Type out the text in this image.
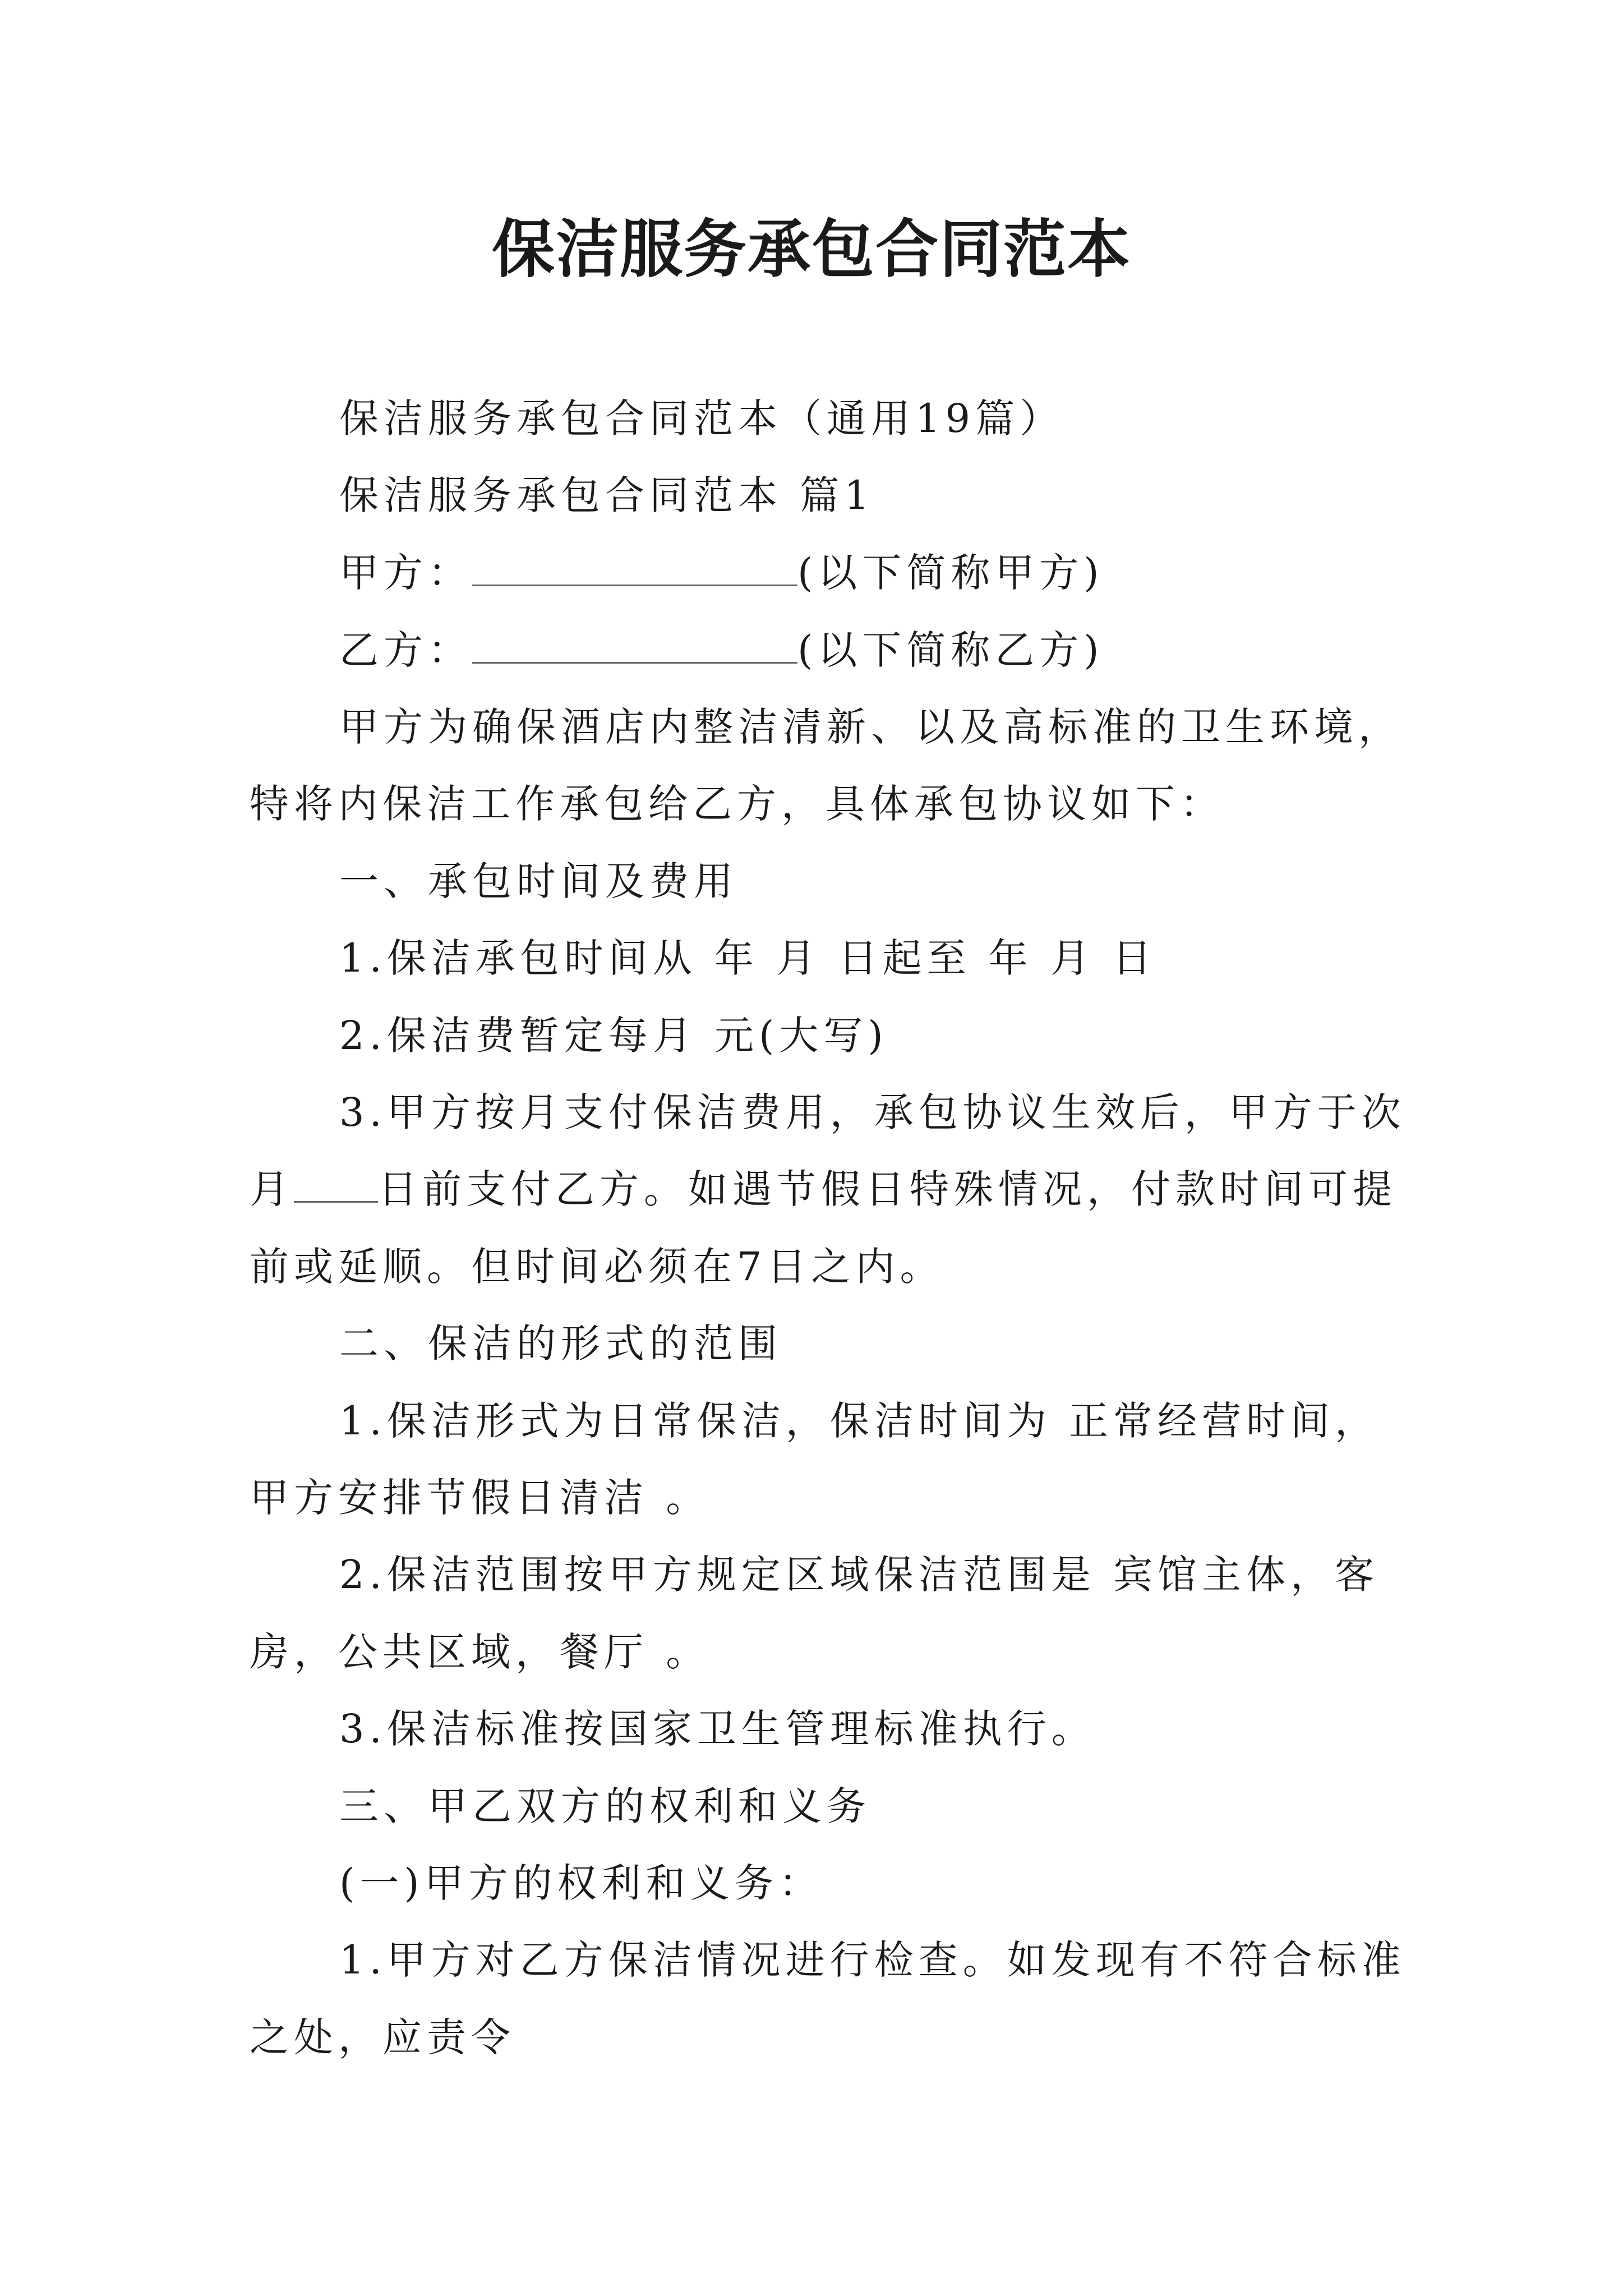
保洁服务承包合同范本
保洁服务承包合同范本（通用19篇）
保洁服务承包合同范本 篇1
甲方：	(以下简称甲方)
乙方：	(以下简称乙方)
甲方为确保酒店内整洁清新、以及高标准的卫生环境，
特将内保洁工作承包给乙方，具体承包协议如下：
一、承包时间及费用
1.保洁承包时间从 年 月 日起至 年 月 日
2.保洁费暂定每月 元(大写)
3.甲方按月支付保洁费用，承包协议生效后，甲方于次
月 日前支付乙方。如遇节假日特殊情况，付款时间可提
前或延顺。但时间必须在7日之内。
二、保洁的形式的范围
1.保洁形式为日常保洁，保洁时间为 正常经营时间，
甲方安排节假日清洁 。
2.保洁范围按甲方规定区域保洁范围是 宾馆主体，客
房，公共区域，餐厅 。
3.保洁标准按国家卫生管理标准执行。
三、甲乙双方的权利和义务
(一)甲方的权利和义务：
1.甲方对乙方保洁情况进行检查。如发现有不符合标准
之处，应责令
